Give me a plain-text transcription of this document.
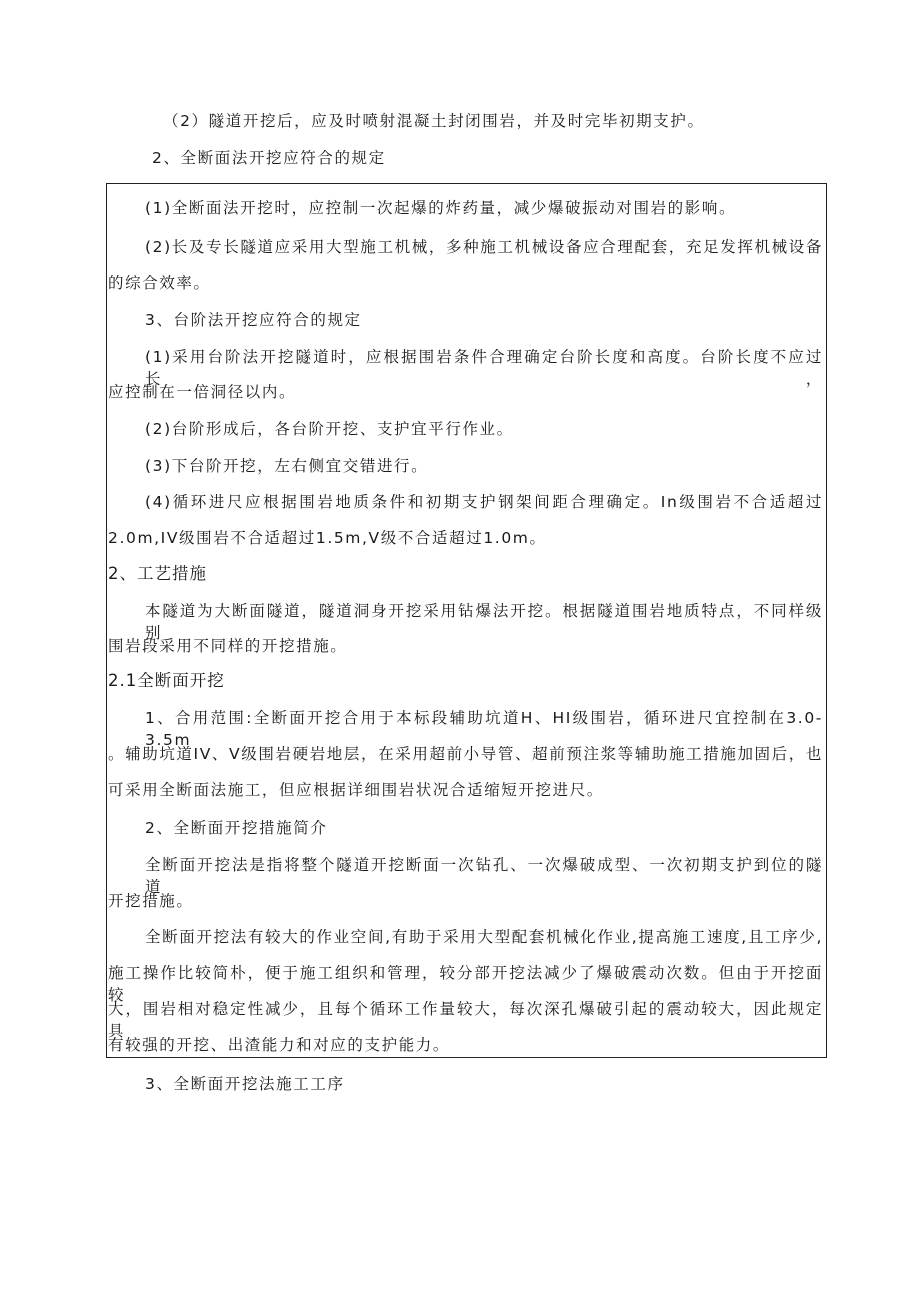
（2）隧道开挖后，应及时喷射混凝土封闭围岩，并及时完毕初期支护。
2、全断面法开挖应符合的规定
(1)全断面法开挖时，应控制一次起爆的炸药量，减少爆破振动对围岩的影响。
(2)长及专长隧道应采用大型施工机械，多种施工机械设备应合理配套，充足发挥机械设备
的综合效率。
3、台阶法开挖应符合的规定
(1)采用台阶法开挖隧道时，应根据围岩条件合理确定台阶长度和高度。台阶长度不应过长，
应控制在一倍洞径以内。
(2)台阶形成后，各台阶开挖、支护宜平行作业。
(3)下台阶开挖，左右侧宜交错进行。
(4)循环进尺应根据围岩地质条件和初期支护钢架间距合理确定。In级围岩不合适超过
2.0m,IV级围岩不合适超过1.5m,V级不合适超过1.0m。
2、工艺措施
本隧道为大断面隧道，隧道洞身开挖采用钻爆法开挖。根据隧道围岩地质特点，不同样级别
围岩段采用不同样的开挖措施。
2.1全断面开挖
1、合用范围:全断面开挖合用于本标段辅助坑道H、HI级围岩，循环进尺宜控制在3.0-3.5m
。辅助坑道IV、V级围岩硬岩地层，在采用超前小导管、超前预注浆等辅助施工措施加固后，也
可采用全断面法施工，但应根据详细围岩状况合适缩短开挖进尺。
2、全断面开挖措施简介
全断面开挖法是指将整个隧道开挖断面一次钻孔、一次爆破成型、一次初期支护到位的隧道
开挖措施。
全断面开挖法有较大的作业空间,有助于采用大型配套机械化作业,提高施工速度,且工序少,
施工操作比较简朴，便于施工组织和管理，较分部开挖法减少了爆破震动次数。但由于开挖面较
大，围岩相对稳定性减少，且每个循环工作量较大，每次深孔爆破引起的震动较大，因此规定具
有较强的开挖、出渣能力和对应的支护能力。
3、全断面开挖法施工工序
